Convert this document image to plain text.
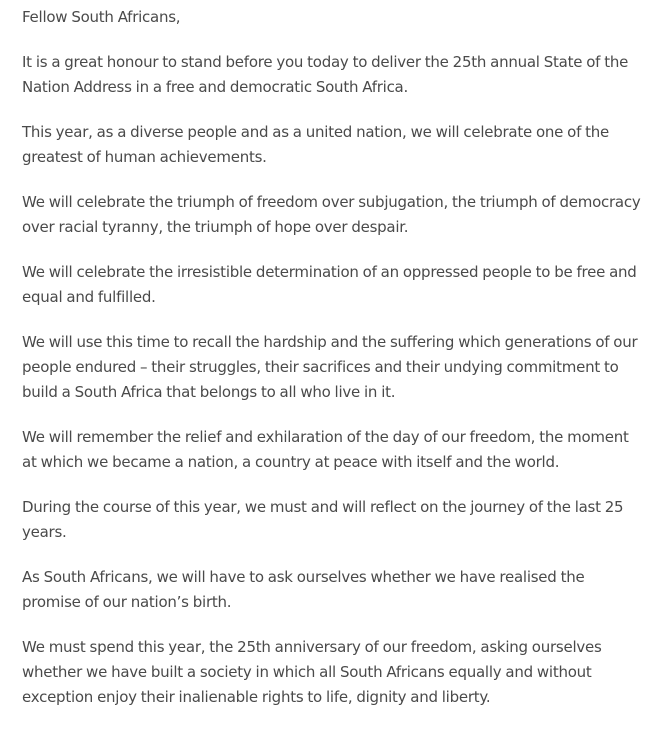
Fellow South Africans,

It is a great honour to stand before you today to deliver the 25th annual State of the Nation Address in a free and democratic South Africa.

This year, as a diverse people and as a united nation, we will celebrate one of the greatest of human achievements.

We will celebrate the triumph of freedom over subjugation, the triumph of democracy over racial tyranny, the triumph of hope over despair.

We will celebrate the irresistible determination of an oppressed people to be free and equal and fulfilled.

We will use this time to recall the hardship and the suffering which generations of our people endured – their struggles, their sacrifices and their undying commitment to build a South Africa that belongs to all who live in it.

We will remember the relief and exhilaration of the day of our freedom, the moment at which we became a nation, a country at peace with itself and the world.

During the course of this year, we must and will reflect on the journey of the last 25 years.

As South Africans, we will have to ask ourselves whether we have realised the promise of our nation’s birth.

We must spend this year, the 25th anniversary of our freedom, asking ourselves whether we have built a society in which all South Africans equally and without exception enjoy their inalienable rights to life, dignity and liberty.
